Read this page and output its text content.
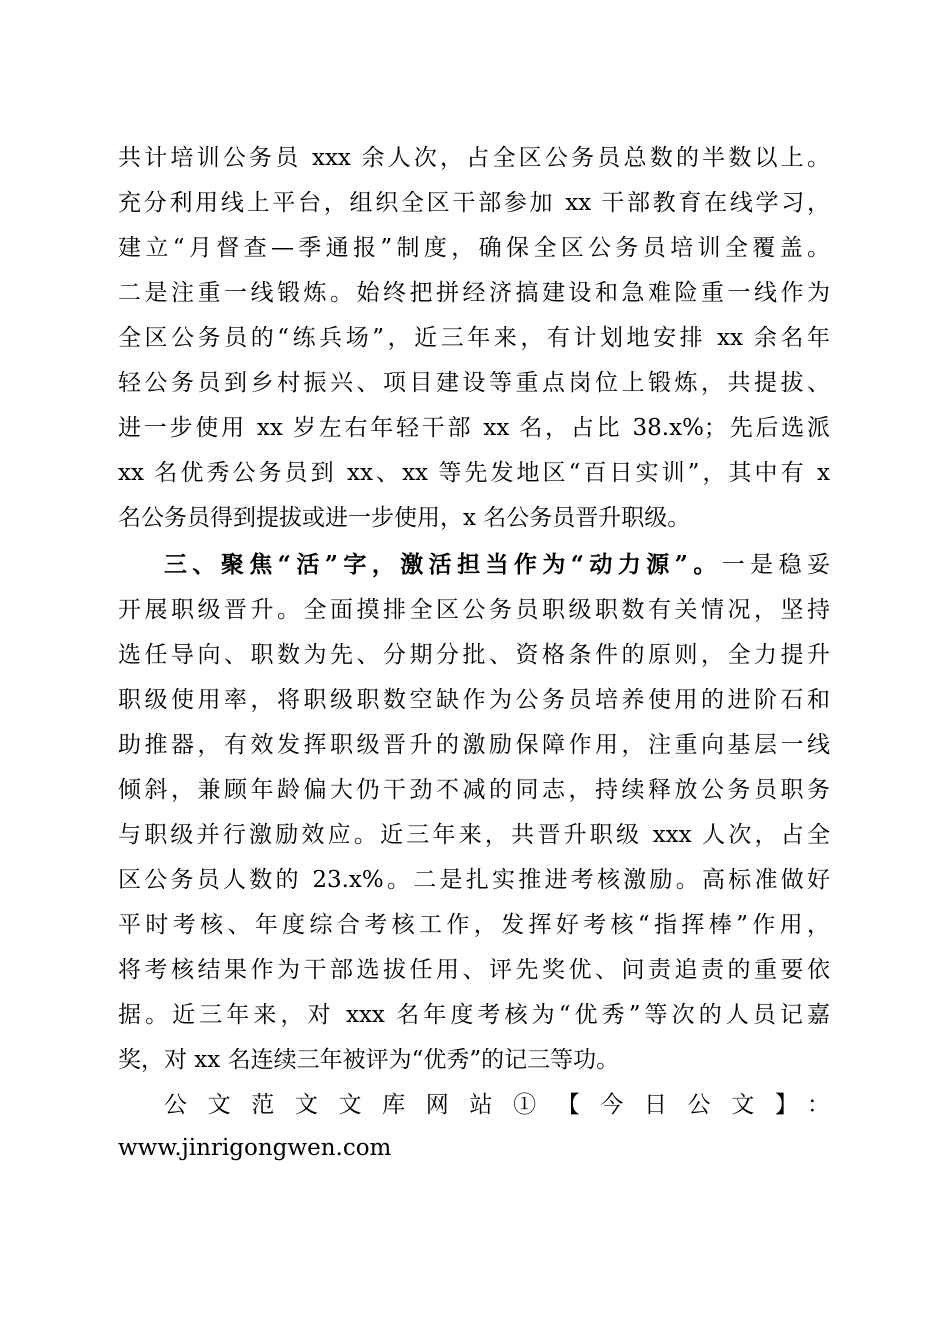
共计培训公务员 xxx 余人次，占全区公务员总数的半数以上。
充分利用线上平台，组织全区干部参加 xx 干部教育在线学习，
建立“月督查—季通报”制度，确保全区公务员培训全覆盖。
二是注重一线锻炼。始终把拼经济搞建设和急难险重一线作为
全区公务员的“练兵场”，近三年来，有计划地安排 xx 余名年
轻公务员到乡村振兴、项目建设等重点岗位上锻炼，共提拔、
进一步使用 xx 岁左右年轻干部 xx 名，占比 38.x%；先后选派
xx 名优秀公务员到 xx、xx 等先发地区“百日实训”，其中有 x
名公务员得到提拔或进一步使用，x 名公务员晋升职级。
三、聚焦“活”字，激活担当作为“动力源”。一是稳妥
开展职级晋升。全面摸排全区公务员职级职数有关情况，坚持
选任导向、职数为先、分期分批、资格条件的原则，全力提升
职级使用率，将职级职数空缺作为公务员培养使用的进阶石和
助推器，有效发挥职级晋升的激励保障作用，注重向基层一线
倾斜，兼顾年龄偏大仍干劲不减的同志，持续释放公务员职务
与职级并行激励效应。近三年来，共晋升职级 xxx 人次，占全
区公务员人数的 23.x%。二是扎实推进考核激励。高标准做好
平时考核、年度综合考核工作，发挥好考核“指挥棒”作用，
将考核结果作为干部选拔任用、评先奖优、问责追责的重要依
据。近三年来，对 xxx 名年度考核为“优秀”等次的人员记嘉
奖，对 xx 名连续三年被评为“优秀”的记三等功。
公文范文文库网站①【今日公文】：
www.jinrigongwen.com
